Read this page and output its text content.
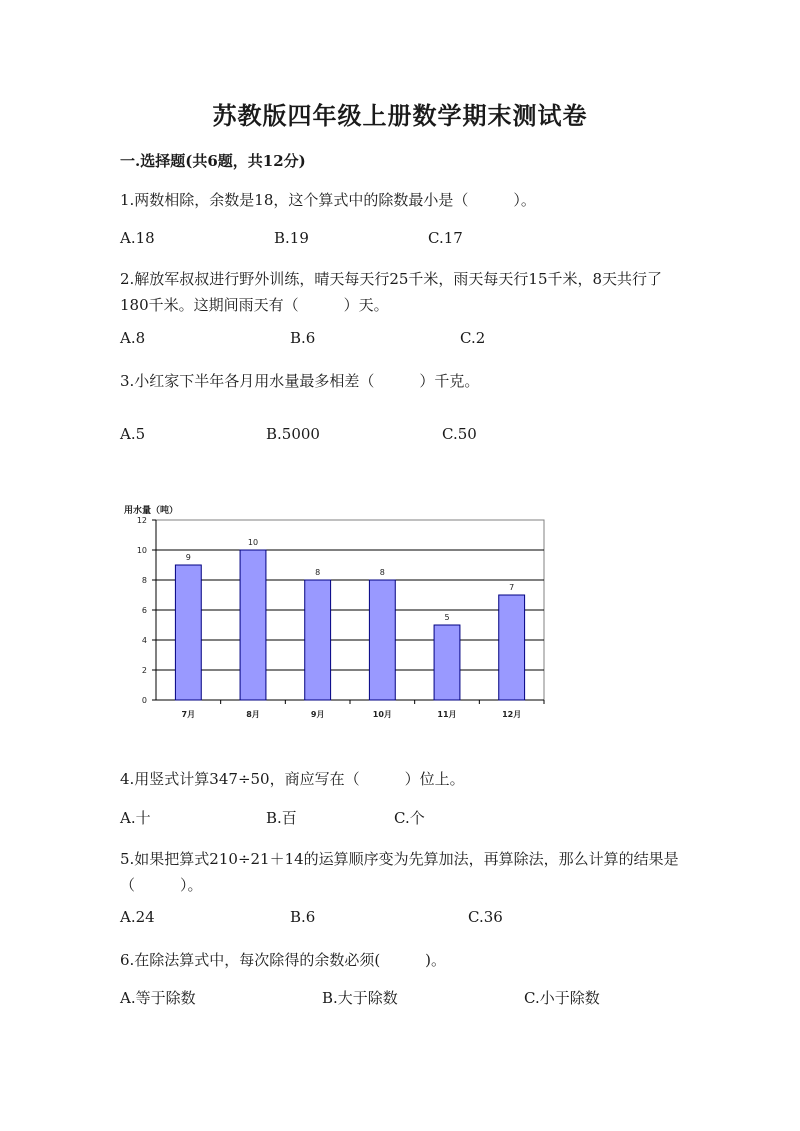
苏教版四年级上册数学期末测试卷
一.选择题(共6题，共12分)
1.两数相除，余数是18，这个算式中的除数最小是（　　　）。
A.18	B.19	C.17
2.解放军叔叔进行野外训练，晴天每天行25千米，雨天每天行15千米，8天共行了180千米。这期间雨天有（　　　）天。
A.8	B.6	C.2
3.小红家下半年各月用水量最多相差（　　　）千克。
A.5	B.5000	C.50
用水量（吨）
0
2
4
6
8
10
12
9
7月
10
8月
8
9月
8
10月
5
11月
7
12月
4.用竖式计算347÷50，商应写在（　　　）位上。
A.十	B.百	C.个
5.如果把算式210÷21＋14的运算顺序变为先算加法，再算除法，那么计算的结果是（　　　）。
A.24	B.6	C.36
6.在除法算式中，每次除得的余数必须(　　　)。
A.等于除数	B.大于除数	C.小于除数
